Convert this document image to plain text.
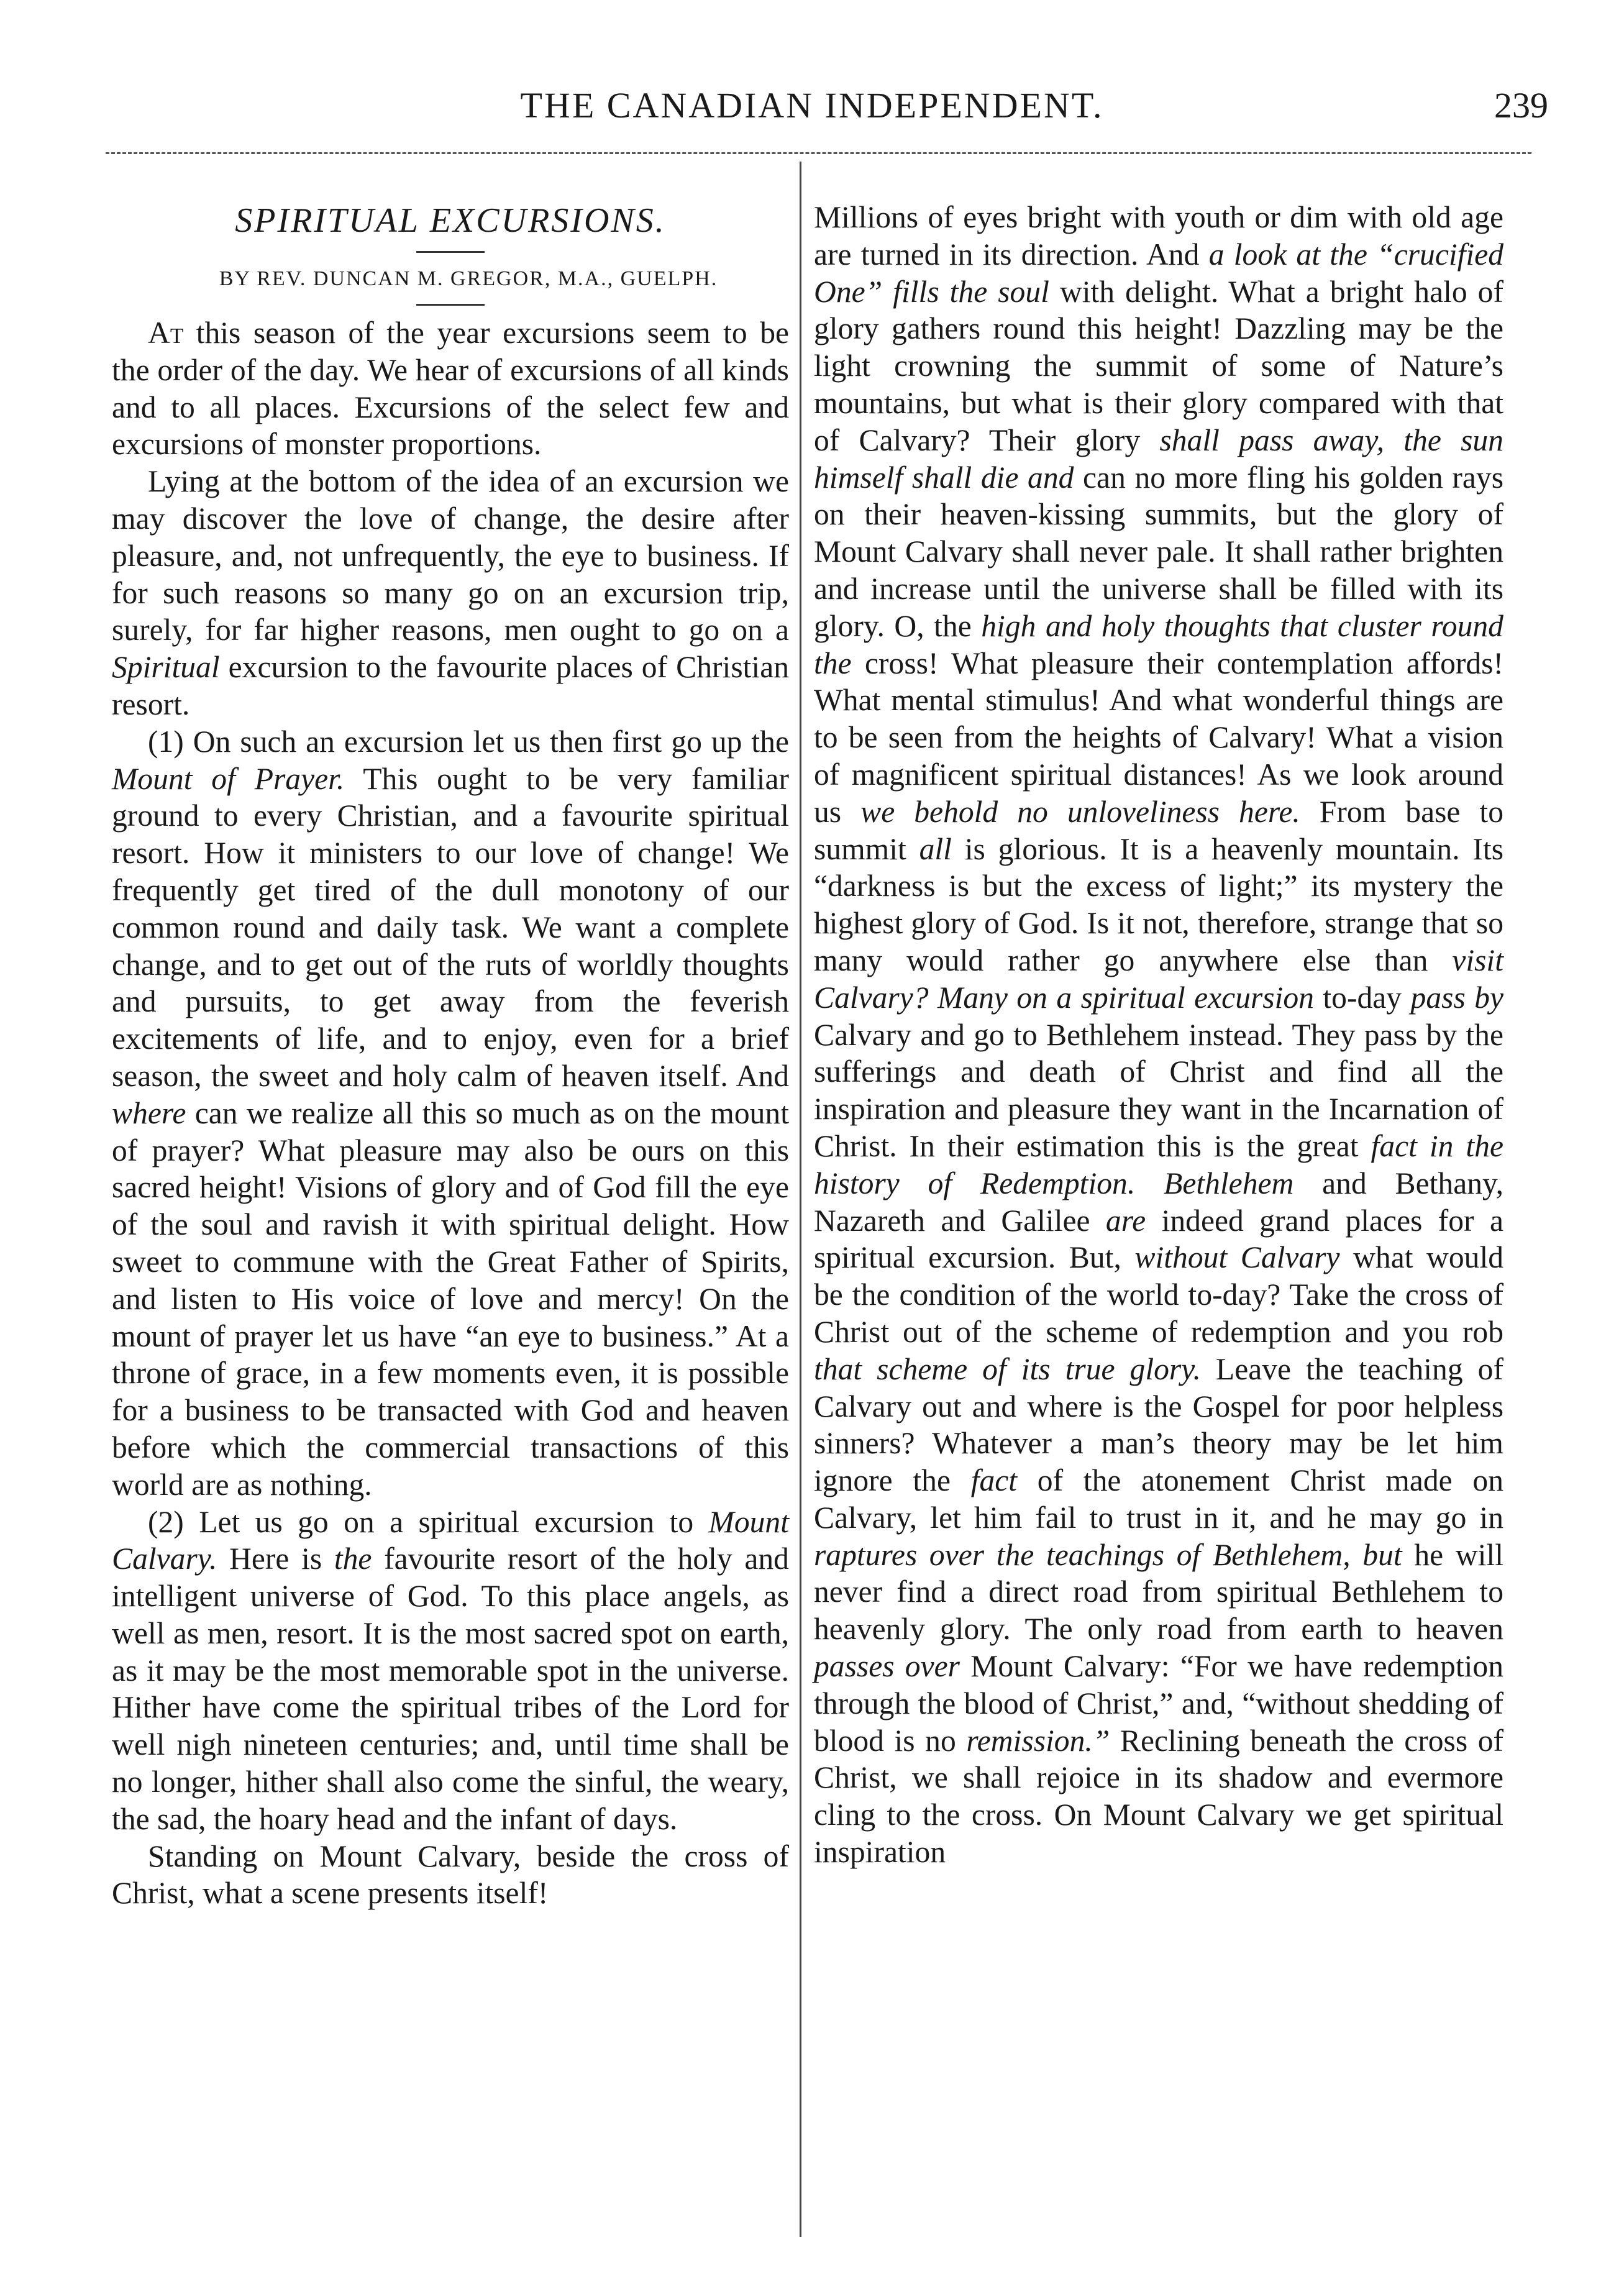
THE CANADIAN INDEPENDENT.	239
SPIRITUAL EXCURSIONS.

BY REV. DUNCAN M. GREGOR, M.A., GUELPH.

At this season of the year excursions seem to be the order of the day. We hear of excursions of all kinds and to all places. Excursions of the select few and excursions of monster proportions.

Lying at the bottom of the idea of an excursion we may discover the love of change, the desire after pleasure, and, not unfrequently, the eye to business. If for such reasons so many go on an excursion trip, surely, for far higher reasons, men ought to go on a Spiritual excursion to the favourite places of Christian resort.

(1) On such an excursion let us then first go up the Mount of Prayer. This ought to be very familiar ground to every Christian, and a favourite spiritual resort. How it ministers to our love of change! We frequently get tired of the dull monotony of our common round and daily task. We want a complete change, and to get out of the ruts of worldly thoughts and pursuits, to get away from the feverish excitements of life, and to enjoy, even for a brief season, the sweet and holy calm of heaven itself. And where can we realize all this so much as on the mount of prayer? What pleasure may also be ours on this sacred height! Visions of glory and of God fill the eye of the soul and ravish it with spiritual delight. How sweet to commune with the Great Father of Spirits, and listen to His voice of love and mercy! On the mount of prayer let us have “an eye to business.” At a throne of grace, in a few moments even, it is possible for a business to be transacted with God and heaven before which the commercial transactions of this world are as nothing.

(2) Let us go on a spiritual excursion to Mount Calvary. Here is the favourite resort of the holy and intelligent universe of God. To this place angels, as well as men, resort. It is the most sacred spot on earth, as it may be the most memorable spot in the universe. Hither have come the spiritual tribes of the Lord for well nigh nineteen centuries; and, until time shall be no longer, hither shall also come the sinful, the weary, the sad, the hoary head and the infant of days.

Standing on Mount Calvary, beside the cross of Christ, what a scene presents itself!

Millions of eyes bright with youth or dim with old age are turned in its direction. And a look at the “crucified One” fills the soul with delight. What a bright halo of glory gathers round this height! Dazzling may be the light crowning the summit of some of Nature’s mountains, but what is their glory compared with that of Calvary? Their glory shall pass away, the sun himself shall die and can no more fling his golden rays on their heaven-kissing summits, but the glory of Mount Calvary shall never pale. It shall rather brighten and increase until the universe shall be filled with its glory. O, the high and holy thoughts that cluster round the cross! What pleasure their contemplation affords! What mental stimulus! And what wonderful things are to be seen from the heights of Calvary! What a vision of magnificent spiritual distances! As we look around us we behold no unloveliness here. From base to summit all is glorious. It is a heavenly mountain. Its “darkness is but the excess of light;” its mystery the highest glory of God. Is it not, therefore, strange that so many would rather go anywhere else than visit Calvary? Many on a spiritual excursion to-day pass by Calvary and go to Bethlehem instead. They pass by the sufferings and death of Christ and find all the inspiration and pleasure they want in the Incarnation of Christ. In their estimation this is the great fact in the history of Redemption. Bethlehem and Bethany, Nazareth and Galilee are indeed grand places for a spiritual excursion. But, without Calvary what would be the condition of the world to-day? Take the cross of Christ out of the scheme of redemption and you rob that scheme of its true glory. Leave the teaching of Calvary out and where is the Gospel for poor helpless sinners? Whatever a man’s theory may be let him ignore the fact of the atonement Christ made on Calvary, let him fail to trust in it, and he may go in raptures over the teachings of Bethlehem, but he will never find a direct road from spiritual Bethlehem to heavenly glory. The only road from earth to heaven passes over Mount Calvary: “For we have redemption through the blood of Christ,” and, “without shedding of blood is no remission.” Reclining beneath the cross of Christ, we shall rejoice in its shadow and evermore cling to the cross. On Mount Calvary we get spiritual inspiration
